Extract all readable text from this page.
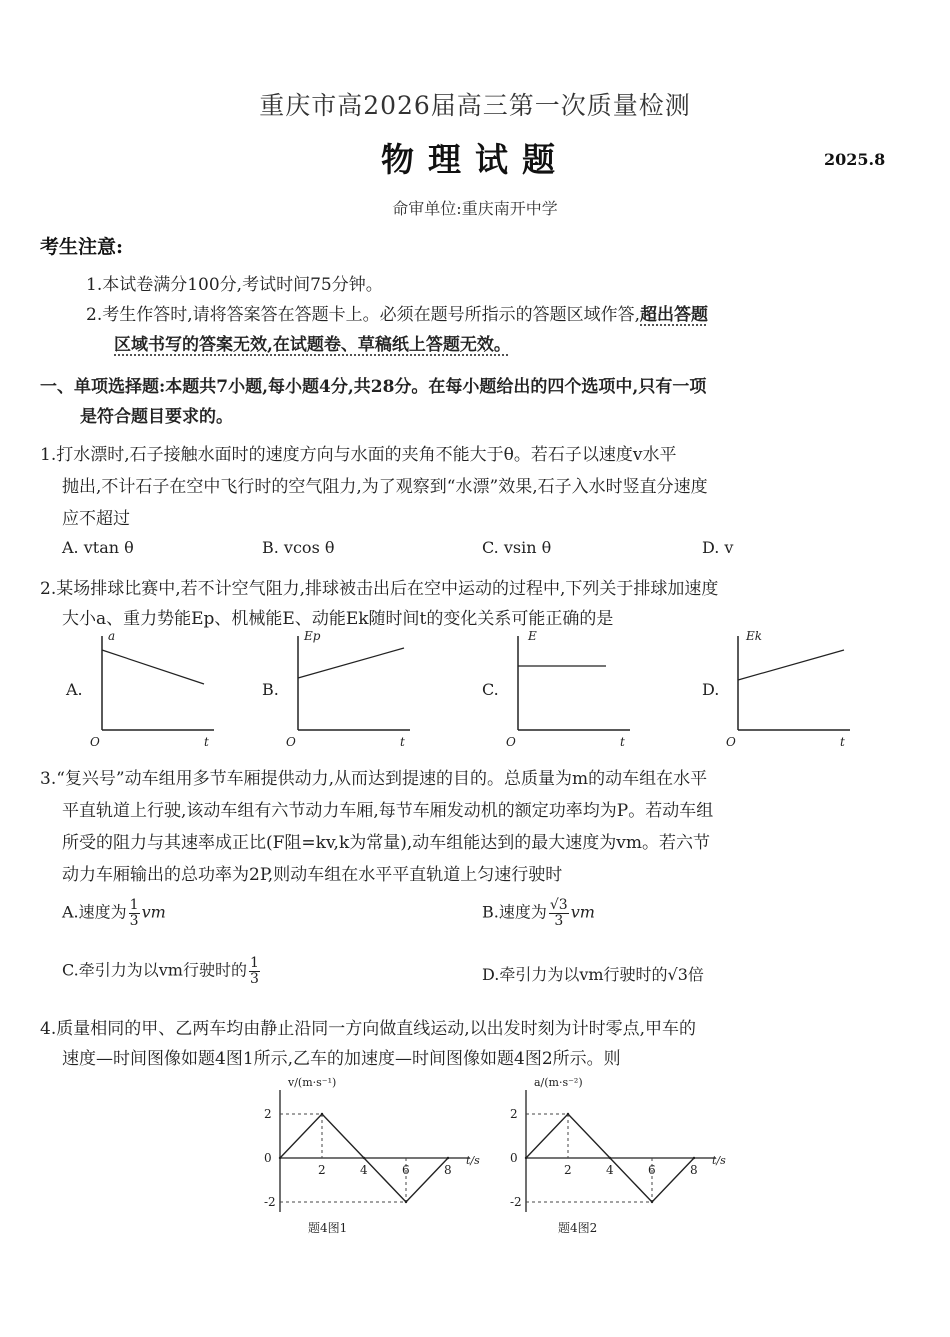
重庆市高2026届高三第一次质量检测
物理试题	2025.8
命审单位:重庆南开中学
考生注意:
1.本试卷满分100分,考试时间75分钟。
2.考生作答时,请将答案答在答题卡上。必须在题号所指示的答题区域作答,超出答题
区域书写的答案无效,在试题卷、草稿纸上答题无效。
一、单项选择题:本题共7小题,每小题4分,共28分。在每小题给出的四个选项中,只有一项
是符合题目要求的。
1.打水漂时,石子接触水面时的速度方向与水面的夹角不能大于θ。若石子以速度v水平
抛出,不计石子在空中飞行时的空气阻力,为了观察到“水漂”效果,石子入水时竖直分速度
应不超过
A. vtan θ	B. vcos θ	C. vsin θ	D. v
2.某场排球比赛中,若不计空气阻力,排球被击出后在空中运动的过程中,下列关于排球加速度
大小a、重力势能Ep、机械能E、动能Ek随时间t的变化关系可能正确的是
A.
a
O	t
B.
Ep
O	t
C.
E
O	t
D.
Ek
O	t
3.“复兴号”动车组用多节车厢提供动力,从而达到提速的目的。总质量为m的动车组在水平
平直轨道上行驶,该动车组有六节动力车厢,每节车厢发动机的额定功率均为P。若动车组
所受的阻力与其速率成正比(F阻=kv,k为常量),动车组能达到的最大速度为vm。若六节
动力车厢输出的总功率为2P,则动车组在水平平直轨道上匀速行驶时
A.速度为 $\frac{1}{3}$ vm	B.速度为 $\frac{√3}{3}$ vm
C.牵引力为以vm行驶时的 $\frac{1}{3}$	D.牵引力为以vm行驶时的√3倍
4.质量相同的甲、乙两车均由静止沿同一方向做直线运动,以出发时刻为计时零点,甲车的
速度—时间图像如题4图1所示,乙车的加速度—时间图像如题4图2所示。则
v/(m·s⁻¹)
t/s
题4图1
2
0
-2
2	4	6	8
a/(m·s⁻²)
t/s
题4图2
2
0
-2
2	4	6	8
